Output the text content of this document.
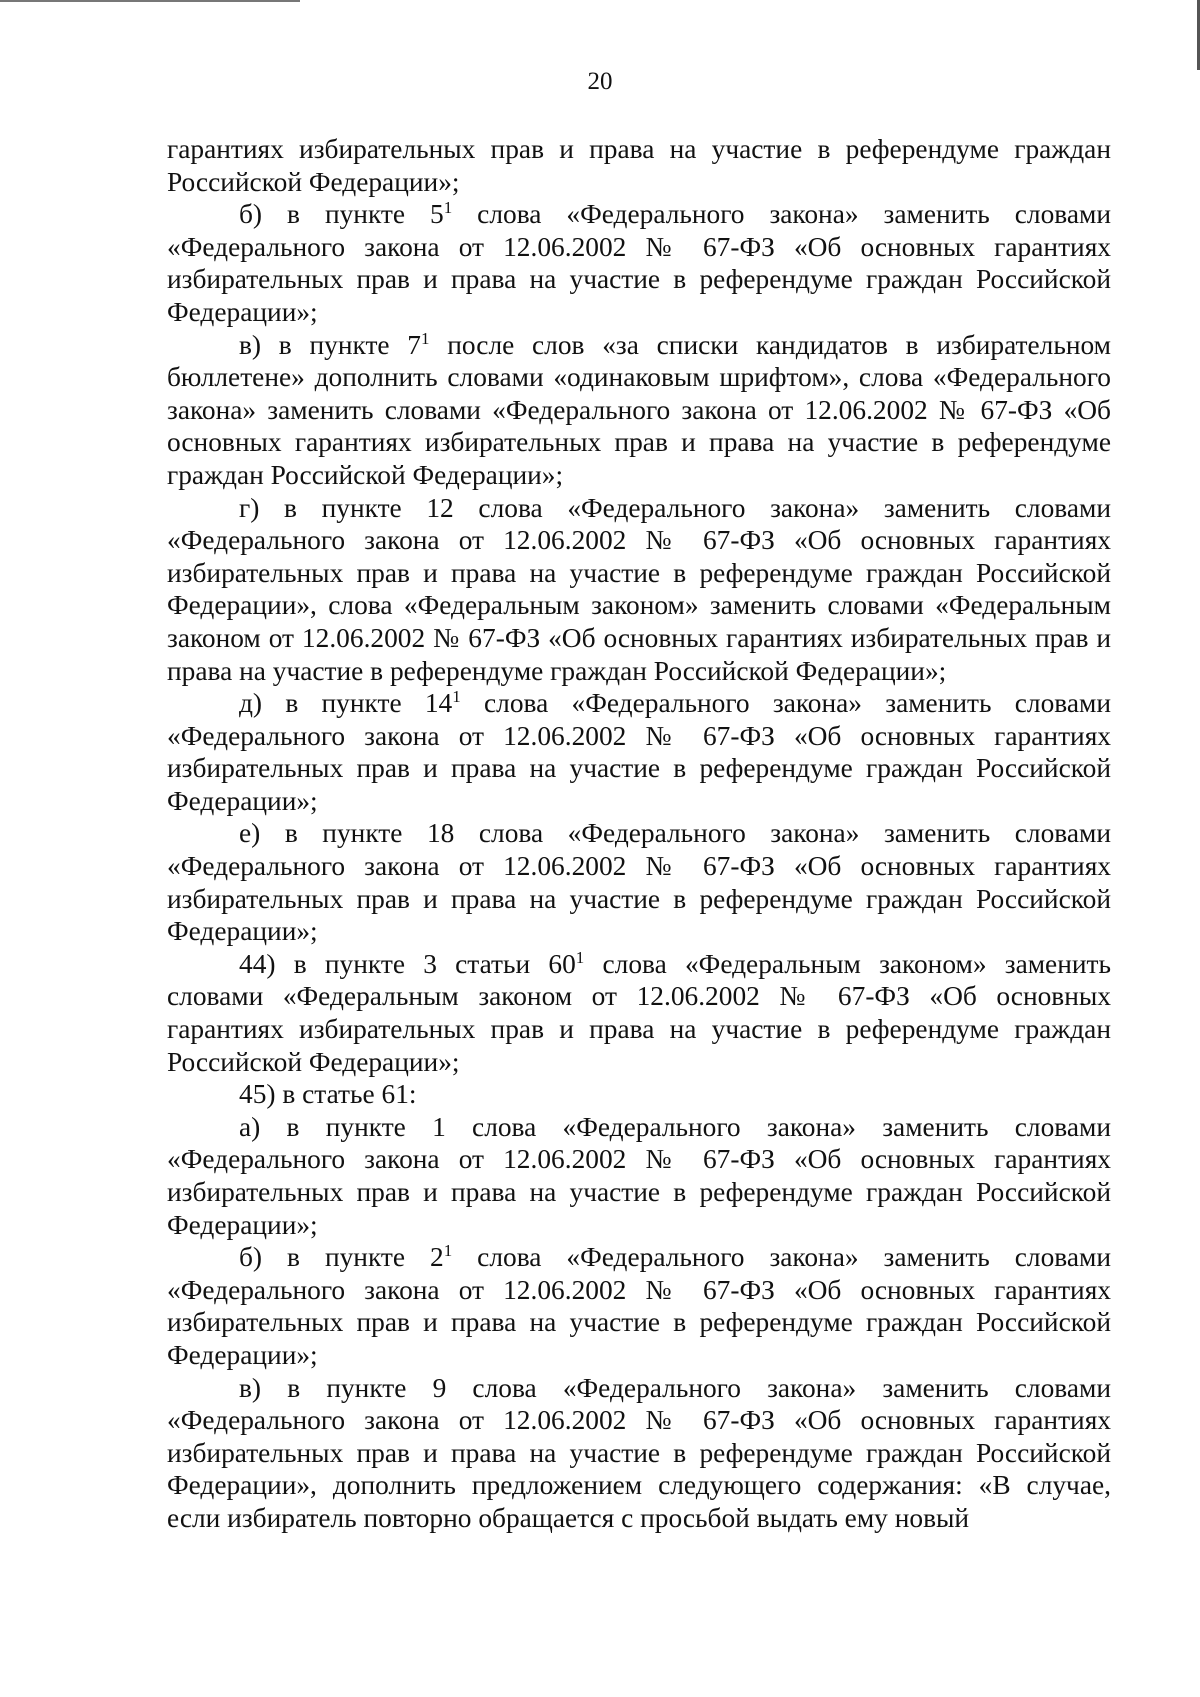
20

гарантиях избирательных прав и права на участие в референдуме граждан Российской Федерации»;

б) в пункте $5^1$ слова «Федерального закона» заменить словами «Федерального закона от 12.06.2002 № 67-ФЗ «Об основных гарантиях избирательных прав и права на участие в референдуме граждан Российской Федерации»;

в) в пункте $7^1$ после слов «за списки кандидатов в избирательном бюллетене» дополнить словами «одинаковым шрифтом», слова «Федерального закона» заменить словами «Федерального закона от 12.06.2002 № 67-ФЗ «Об основных гарантиях избирательных прав и права на участие в референдуме граждан Российской Федерации»;

г) в пункте 12 слова «Федерального закона» заменить словами «Федерального закона от 12.06.2002 № 67-ФЗ «Об основных гарантиях избирательных прав и права на участие в референдуме граждан Российской Федерации», слова «Федеральным законом» заменить словами «Федеральным законом от 12.06.2002 № 67-ФЗ «Об основных гарантиях избирательных прав и права на участие в референдуме граждан Российской Федерации»;

д) в пункте $14^1$ слова «Федерального закона» заменить словами «Федерального закона от 12.06.2002 № 67-ФЗ «Об основных гарантиях избирательных прав и права на участие в референдуме граждан Российской Федерации»;

е) в пункте 18 слова «Федерального закона» заменить словами «Федерального закона от 12.06.2002 № 67-ФЗ «Об основных гарантиях избирательных прав и права на участие в референдуме граждан Российской Федерации»;

44) в пункте 3 статьи $60^1$ слова «Федеральным законом» заменить словами «Федеральным законом от 12.06.2002 № 67-ФЗ «Об основных гарантиях избирательных прав и права на участие в референдуме граждан Российской Федерации»;

45) в статье 61:

а) в пункте 1 слова «Федерального закона» заменить словами «Федерального закона от 12.06.2002 № 67-ФЗ «Об основных гарантиях избирательных прав и права на участие в референдуме граждан Российской Федерации»;

б) в пункте $2^1$ слова «Федерального закона» заменить словами «Федерального закона от 12.06.2002 № 67-ФЗ «Об основных гарантиях избирательных прав и права на участие в референдуме граждан Российской Федерации»;

в) в пункте 9 слова «Федерального закона» заменить словами «Федерального закона от 12.06.2002 № 67-ФЗ «Об основных гарантиях избирательных прав и права на участие в референдуме граждан Российской Федерации», дополнить предложением следующего содержания: «В случае, если избиратель повторно обращается с просьбой выдать ему новый
